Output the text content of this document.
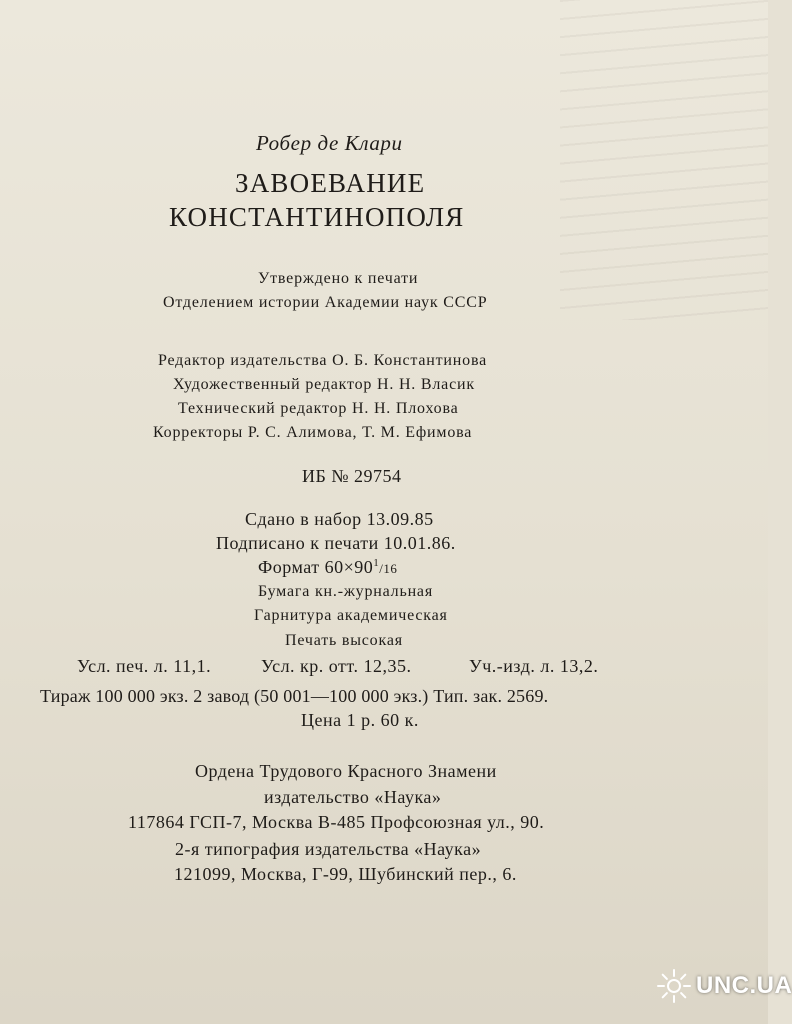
Робер де Клари
ЗАВОЕВАНИЕ
КОНСТАНТИНОПОЛЯ
Утверждено к печати
Отделением истории Академии наук СССР
Редактор издательства О. Б. Константинова
Художественный редактор Н. Н. Власик
Технический редактор Н. Н. Плохова
Корректоры Р. С. Алимова, Т. М. Ефимова
ИБ № 29754
Сдано в набор 13.09.85
Подписано к печати 10.01.86.
Формат $60\times 90^1/16$
Бумага кн.-журнальная
Гарнитура академическая
Печать высокая
Усл. печ. л. 11,1.	Усл. кр. отт. 12,35.	Уч.-изд. л. 13,2.
Тираж 100 000 экз. 2 завод (50 001—100 000 экз.) Тип. зак. 2569.
Цена 1 р. 60 к.
Ордена Трудового Красного Знамени
издательство «Наука»
117864 ГСП-7, Москва В-485 Профсоюзная ул., 90.
2-я типография издательства «Наука»
121099, Москва, Г-99, Шубинский пер., 6.
UNC.UA
